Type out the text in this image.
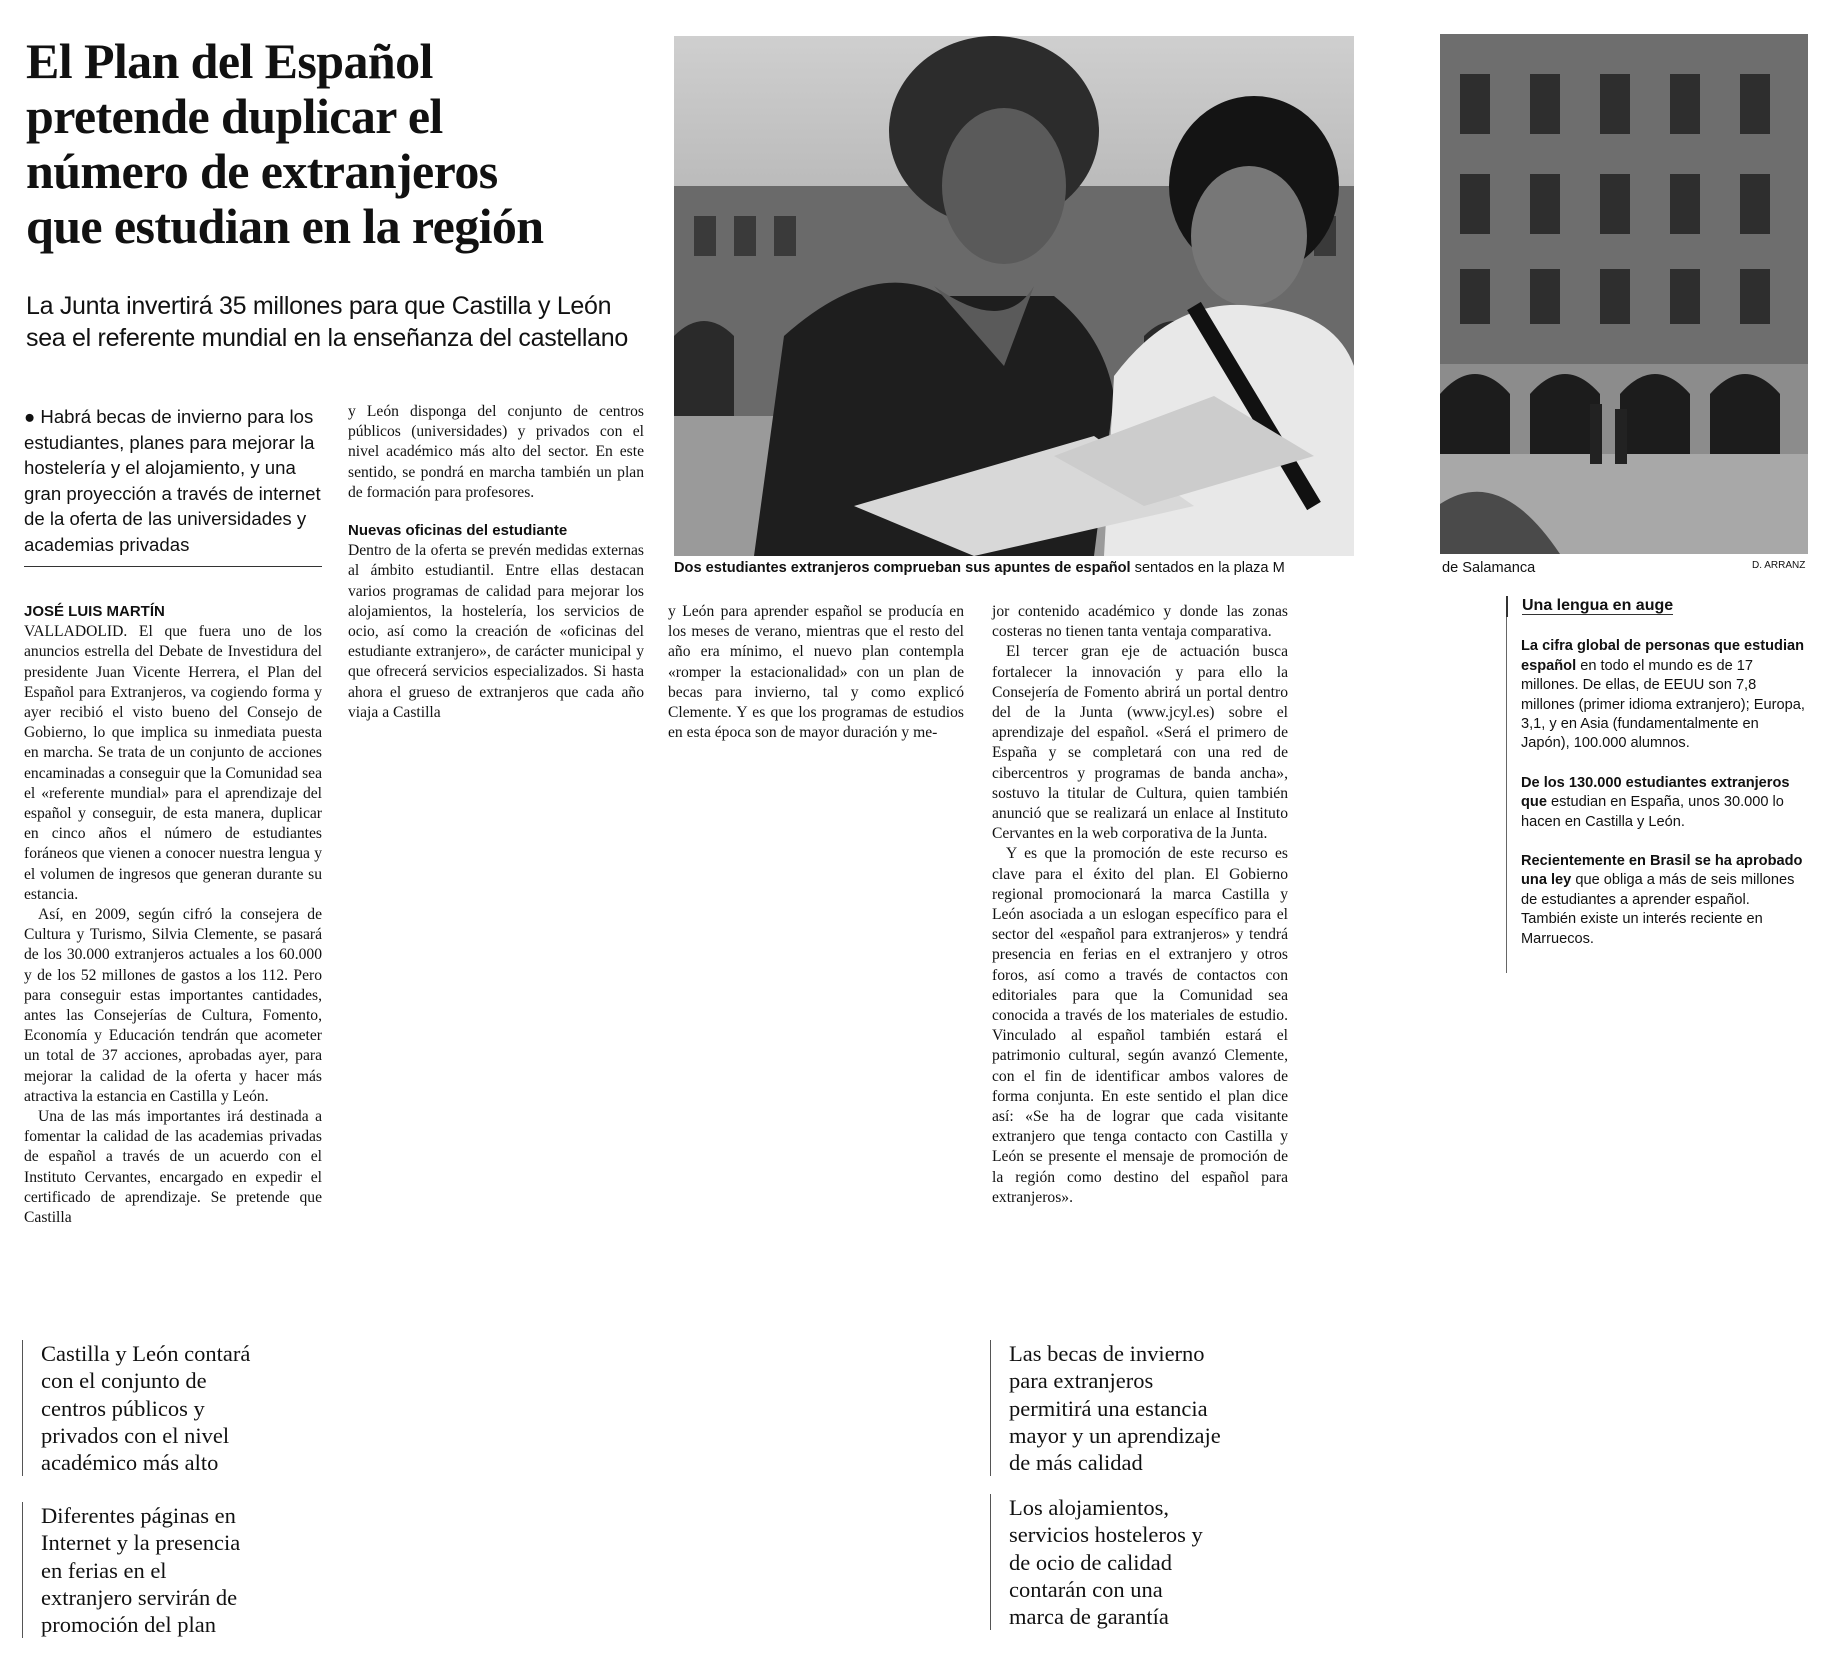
El Plan del Español
pretende duplicar el
número de extranjeros
que estudian en la región
La Junta invertirá 35 millones para que Castilla y León
sea el referente mundial en la enseñanza del castellano
● Habrá becas de invierno para los estudiantes, planes para mejorar la hostelería y el alojamiento, y una gran proyección a través de internet de la oferta de las universidades y academias privadas
JOSÉ LUIS MARTÍN

VALLADOLID. El que fuera uno de los anuncios estrella del Debate de Investidura del presidente Juan Vicente Herrera, el Plan del Español para Extranjeros, va cogiendo forma y ayer recibió el visto bueno del Consejo de Gobierno, lo que implica su inmediata puesta en marcha. Se trata de un conjunto de acciones encaminadas a conseguir que la Comunidad sea el «referente mundial» para el aprendizaje del español y conseguir, de esta manera, duplicar en cinco años el número de estudiantes foráneos que vienen a conocer nuestra lengua y el volumen de ingresos que generan durante su estancia.

Así, en 2009, según cifró la consejera de Cultura y Turismo, Silvia Clemente, se pasará de los 30.000 extranjeros actuales a los 60.000 y de los 52 millones de gastos a los 112. Pero para conseguir estas importantes cantidades, antes las Consejerías de Cultura, Fomento, Economía y Educación tendrán que acometer un total de 37 acciones, aprobadas ayer, para mejorar la calidad de la oferta y hacer más atractiva la estancia en Castilla y León.

Una de las más importantes irá destinada a fomentar la calidad de las academias privadas de español a través de un acuerdo con el Instituto Cervantes, encargado en expedir el certificado de aprendizaje. Se pretende que Castilla

y León disponga del conjunto de centros públicos (universidades) y privados con el nivel académico más alto del sector. En este sentido, se pondrá en marcha también un plan de formación para profesores.

Nuevas oficinas del estudiante

Dentro de la oferta se prevén medidas externas al ámbito estudiantil. Entre ellas destacan varios programas de calidad para mejorar los alojamientos, la hostelería, los servicios de ocio, así como la creación de «oficinas del estudiante extranjero», de carácter municipal y que ofrecerá servicios especializados. Si hasta ahora el grueso de extranjeros que cada año viaja a Castilla

y León para aprender español se producía en los meses de verano, mientras que el resto del año era mínimo, el nuevo plan contempla «romper la estacionalidad» con un plan de becas para invierno, tal y como explicó Clemente. Y es que los programas de estudios en esta época son de mayor duración y me-

jor contenido académico y donde las zonas costeras no tienen tanta ventaja comparativa.

El tercer gran eje de actuación busca fortalecer la innovación y para ello la Consejería de Fomento abrirá un portal dentro del de la Junta (www.jcyl.es) sobre el aprendizaje del español. «Será el primero de España y se completará con una red de cibercentros y programas de banda ancha», sostuvo la titular de Cultura, quien también anunció que se realizará un enlace al Instituto Cervantes en la web corporativa de la Junta.

Y es que la promoción de este recurso es clave para el éxito del plan. El Gobierno regional promocionará la marca Castilla y León asociada a un eslogan específico para el sector del «español para extranjeros» y tendrá presencia en ferias en el extranjero y otros foros, así como a través de contactos con editoriales para que la Comunidad sea conocida a través de los materiales de estudio. Vinculado al español también estará el patrimonio cultural, según avanzó Clemente, con el fin de identificar ambos valores de forma conjunta. En este sentido el plan dice así: «Se ha de lograr que cada visitante extranjero que tenga contacto con Castilla y León se presente el mensaje de promoción de la región como destino del español para extranjeros».

Castilla y León contará
con el conjunto de
centros públicos y
privados con el nivel
académico más alto
Diferentes páginas en
Internet y la presencia
en ferias en el
extranjero servirán de
promoción del plan
Las becas de invierno
para extranjeros
permitirá una estancia
mayor y un aprendizaje
de más calidad
Los alojamientos,
servicios hosteleros y
de ocio de calidad
contarán con una
marca de garantía
Dos estudiantes extranjeros comprueban sus apuntes de español sentados en la plaza M	de Salamanca	D. ARRANZ
Una lengua en auge

La cifra global de personas que estudian español en todo el mundo es de 17 millones. De ellas, de EEUU son 7,8 millones (primer idioma extranjero); Europa, 3,1, y en Asia (fundamentalmente en Japón), 100.000 alumnos.

De los 130.000 estudiantes extranjeros que estudian en España, unos 30.000 lo hacen en Castilla y León.

Recientemente en Brasil se ha aprobado una ley que obliga a más de seis millones de estudiantes a aprender español. También existe un interés reciente en Marruecos.
